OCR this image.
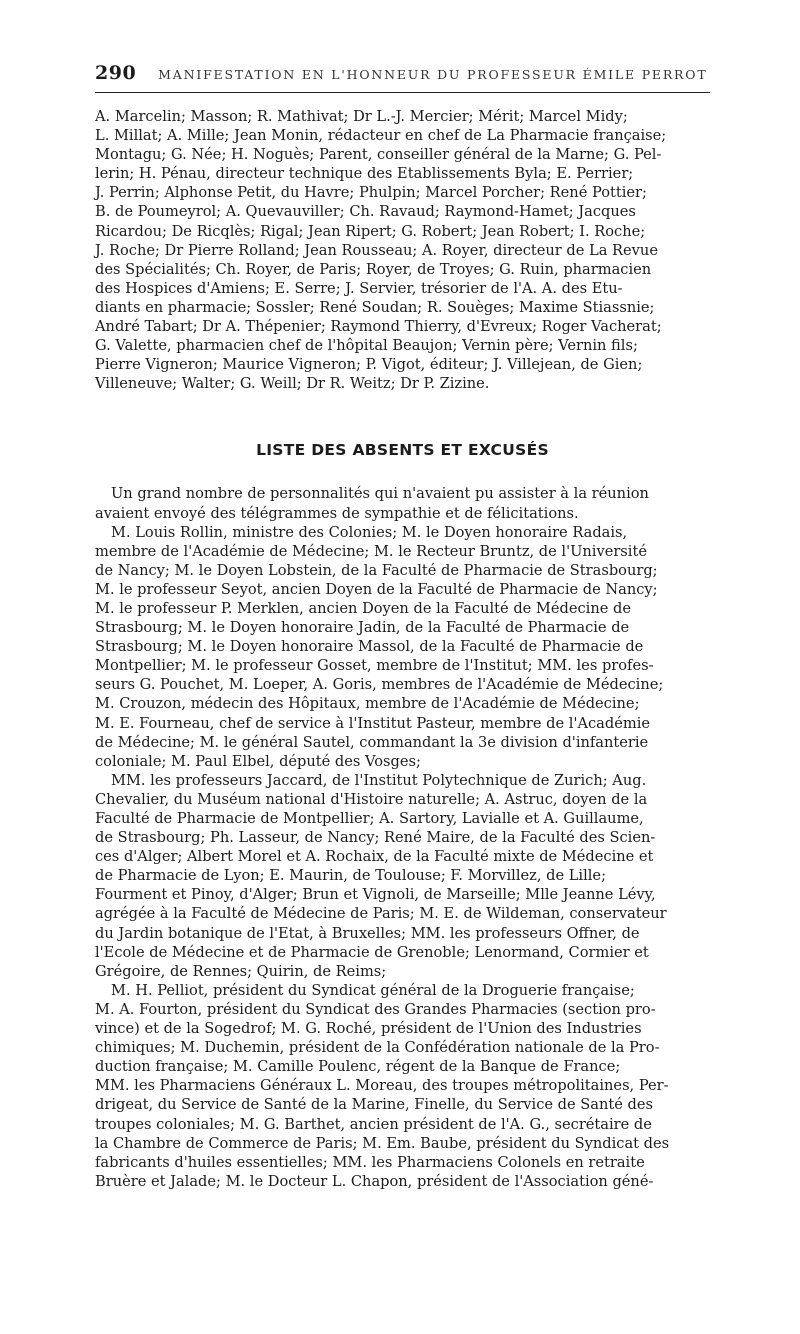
290 MANIFESTATION EN L'HONNEUR DU PROFESSEUR ÉMILE PERROT

A. Marcelin; Masson; R. Mathivat; Dr L.-J. Mercier; Mérit; Marcel Midy;
L. Millat; A. Mille; Jean Monin, rédacteur en chef de La Pharmacie française;
Montagu; G. Née; H. Noguès; Parent, conseiller général de la Marne; G. Pel-
lerin; H. Pénau, directeur technique des Etablissements Byla; E. Perrier;
J. Perrin; Alphonse Petit, du Havre; Phulpin; Marcel Porcher; René Pottier;
B. de Poumeyrol; A. Quevauviller; Ch. Ravaud; Raymond-Hamet; Jacques
Ricardou; De Ricqlès; Rigal; Jean Ripert; G. Robert; Jean Robert; I. Roche;
J. Roche; Dr Pierre Rolland; Jean Rousseau; A. Royer, directeur de La Revue
des Spécialités; Ch. Royer, de Paris; Royer, de Troyes; G. Ruin, pharmacien
des Hospices d'Amiens; E. Serre; J. Servier, trésorier de l'A. A. des Etu-
diants en pharmacie; Sossler; René Soudan; R. Souèges; Maxime Stiassnie;
André Tabart; Dr A. Thépenier; Raymond Thierry, d'Evreux; Roger Vacherat;
G. Valette, pharmacien chef de l'hôpital Beaujon; Vernin père; Vernin fils;
Pierre Vigneron; Maurice Vigneron; P. Vigot, éditeur; J. Villejean, de Gien;
Villeneuve; Walter; G. Weill; Dr R. Weitz; Dr P. Zizine.

LISTE DES ABSENTS ET EXCUSÉS

Un grand nombre de personnalités qui n'avaient pu assister à la réunion
avaient envoyé des télégrammes de sympathie et de félicitations.

M. Louis Rollin, ministre des Colonies; M. le Doyen honoraire Radais,
membre de l'Académie de Médecine; M. le Recteur Bruntz, de l'Université
de Nancy; M. le Doyen Lobstein, de la Faculté de Pharmacie de Strasbourg;
M. le professeur Seyot, ancien Doyen de la Faculté de Pharmacie de Nancy;
M. le professeur P. Merklen, ancien Doyen de la Faculté de Médecine de
Strasbourg; M. le Doyen honoraire Jadin, de la Faculté de Pharmacie de
Strasbourg; M. le Doyen honoraire Massol, de la Faculté de Pharmacie de
Montpellier; M. le professeur Gosset, membre de l'Institut; MM. les profes-
seurs G. Pouchet, M. Loeper, A. Goris, membres de l'Académie de Médecine;
M. Crouzon, médecin des Hôpitaux, membre de l'Académie de Médecine;
M. E. Fourneau, chef de service à l'Institut Pasteur, membre de l'Académie
de Médecine; M. le général Sautel, commandant la 3e division d'infanterie
coloniale; M. Paul Elbel, député des Vosges;

MM. les professeurs Jaccard, de l'Institut Polytechnique de Zurich; Aug.
Chevalier, du Muséum national d'Histoire naturelle; A. Astruc, doyen de la
Faculté de Pharmacie de Montpellier; A. Sartory, Lavialle et A. Guillaume,
de Strasbourg; Ph. Lasseur, de Nancy; René Maire, de la Faculté des Scien-
ces d'Alger; Albert Morel et A. Rochaix, de la Faculté mixte de Médecine et
de Pharmacie de Lyon; E. Maurin, de Toulouse; F. Morvillez, de Lille;
Fourment et Pinoy, d'Alger; Brun et Vignoli, de Marseille; Mlle Jeanne Lévy,
agrégée à la Faculté de Médecine de Paris; M. E. de Wildeman, conservateur
du Jardin botanique de l'Etat, à Bruxelles; MM. les professeurs Offner, de
l'Ecole de Médecine et de Pharmacie de Grenoble; Lenormand, Cormier et
Grégoire, de Rennes; Quirin, de Reims;

M. H. Pelliot, président du Syndicat général de la Droguerie française;
M. A. Fourton, président du Syndicat des Grandes Pharmacies (section pro-
vince) et de la Sogedrof; M. G. Roché, président de l'Union des Industries
chimiques; M. Duchemin, président de la Confédération nationale de la Pro-
duction française; M. Camille Poulenc, régent de la Banque de France;
MM. les Pharmaciens Généraux L. Moreau, des troupes métropolitaines, Per-
drigeat, du Service de Santé de la Marine, Finelle, du Service de Santé des
troupes coloniales; M. G. Barthet, ancien président de l'A. G., secrétaire de
la Chambre de Commerce de Paris; M. Em. Baube, président du Syndicat des
fabricants d'huiles essentielles; MM. les Pharmaciens Colonels en retraite
Bruère et Jalade; M. le Docteur L. Chapon, président de l'Association géné-
